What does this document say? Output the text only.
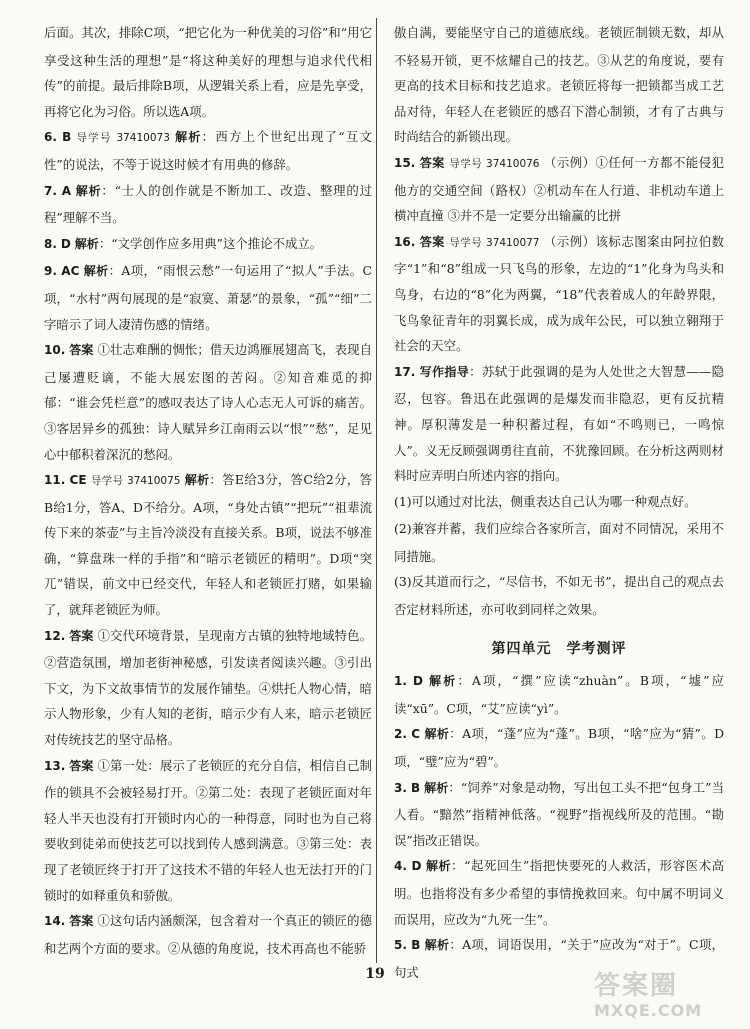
后面。其次，排除C项，“把它化为一种优美的习俗”和“用它享受这种生活的理想”是“将这种美好的理想与追求代代相传”的前提。最后排除B项，从逻辑关系上看，应是先享受，再将它化为习俗。所以选A项。

6. B 导学号 37410073 解析：西方上个世纪出现了“互文性”的说法，不等于说这时候才有用典的修辞。

7. A 解析：“士人的创作就是不断加工、改造、整理的过程”理解不当。

8. D 解析：“文学创作应多用典”这个推论不成立。

9. AC 解析：A项，“雨恨云愁”一句运用了“拟人”手法。C项，“水村”两句展现的是“寂寞、萧瑟”的景象，“孤”“细”二字暗示了词人凄清伤感的情绪。

10. 答案 ①壮志难酬的惆怅；借天边鸿雁展翅高飞，表现自己屡遭贬谪，不能大展宏图的苦闷。②知音难觅的抑郁：“谁会凭栏意”的感叹表达了诗人心志无人可诉的痛苦。③客居异乡的孤独：诗人赋异乡江南雨云以“恨”“愁”，足见心中郁积着深沉的愁闷。

11. CE 导学号 37410075 解析：答E给3分，答C给2分，答B给1分，答A、D不给分。A项，“身处古镇”“把玩”“祖辈流传下来的茶壶”与主旨冷淡没有直接关系。B项，说法不够准确，“算盘珠一样的手指”和“暗示老锁匠的精明”。D项“突兀”错误，前文中已经交代，年轻人和老锁匠打赌，如果输了，就拜老锁匠为师。

12. 答案 ①交代环境背景，呈现南方古镇的独特地域特色。②营造氛围，增加老街神秘感，引发读者阅读兴趣。③引出下文，为下文故事情节的发展作铺垫。④烘托人物心情，暗示人物形象，少有人知的老街，暗示少有人来，暗示老锁匠对传统技艺的坚守品格。

13. 答案 ①第一处：展示了老锁匠的充分自信，相信自己制作的锁具不会被轻易打开。②第二处：表现了老锁匠面对年轻人半天也没有打开锁时内心的一种得意，同时也为自己将要收到徒弟而使技艺可以找到传人感到满意。③第三处：表现了老锁匠终于打开了这技术不错的年轻人也无法打开的门锁时的如释重负和骄傲。

14. 答案 ①这句话内涵颇深，包含着对一个真正的锁匠的德和艺两个方面的要求。②从德的角度说，技术再高也不能骄

傲自满，要能坚守自己的道德底线。老锁匠制锁无数，却从不轻易开锁，更不炫耀自己的技艺。③从艺的角度说，要有更高的技术目标和技艺追求。老锁匠将每一把锁都当成工艺品对待，年轻人在老锁匠的感召下潜心制锁，才有了古典与时尚结合的新锁出现。

15. 答案 导学号 37410076 （示例）①任何一方都不能侵犯他方的交通空间（路权）②机动车在人行道、非机动车道上横冲直撞 ③并不是一定要分出输赢的比拼

16. 答案 导学号 37410077 （示例）该标志图案由阿拉伯数字“1”和“8”组成一只飞鸟的形象，左边的“1”化身为鸟头和鸟身，右边的“8”化为两翼，“18”代表着成人的年龄界限，飞鸟象征青年的羽翼长成，成为成年公民，可以独立翱翔于社会的天空。

17. 写作指导：苏轼于此强调的是为人处世之大智慧——隐忍，包容。鲁迅在此强调的是爆发而非隐忍，更有反抗精神。厚积薄发是一种积蓄过程，有如“不鸣则已，一鸣惊人”。义无反顾强调勇往直前，不犹豫回顾。在分析这两则材料时应弄明白所述内容的指向。

(1)可以通过对比法，侧重表达自己认为哪一种观点好。

(2)兼容并蓄，我们应综合各家所言，面对不同情况，采用不同措施。

(3)反其道而行之，“尽信书，不如无书”，提出自己的观点去否定材料所述，亦可收到同样之效果。

第四单元　学考测评

1. D 解析：A项，“撰”应读“zhuàn”。B项，“墟”应读“xū”。C项，“艾”应读“yì”。

2. C 解析：A项，“蓬”应为“蓬”。B项，“啥”应为“猜”。D项，“璧”应为“碧”。

3. B 解析：“饲养”对象是动物，写出包工头不把“包身工”当人看。“黯然”指精神低落。“视野”指视线所及的范围。“勘误”指改正错误。

4. D 解析：“起死回生”指把快要死的人救活，形容医术高明。也指将没有多少希望的事情挽救回来。句中属不明词义而误用，应改为“九死一生”。

5. B 解析：A项，词语误用，“关于”应改为“对于”。C项，句式

19	答案圈
MXQE.COM
